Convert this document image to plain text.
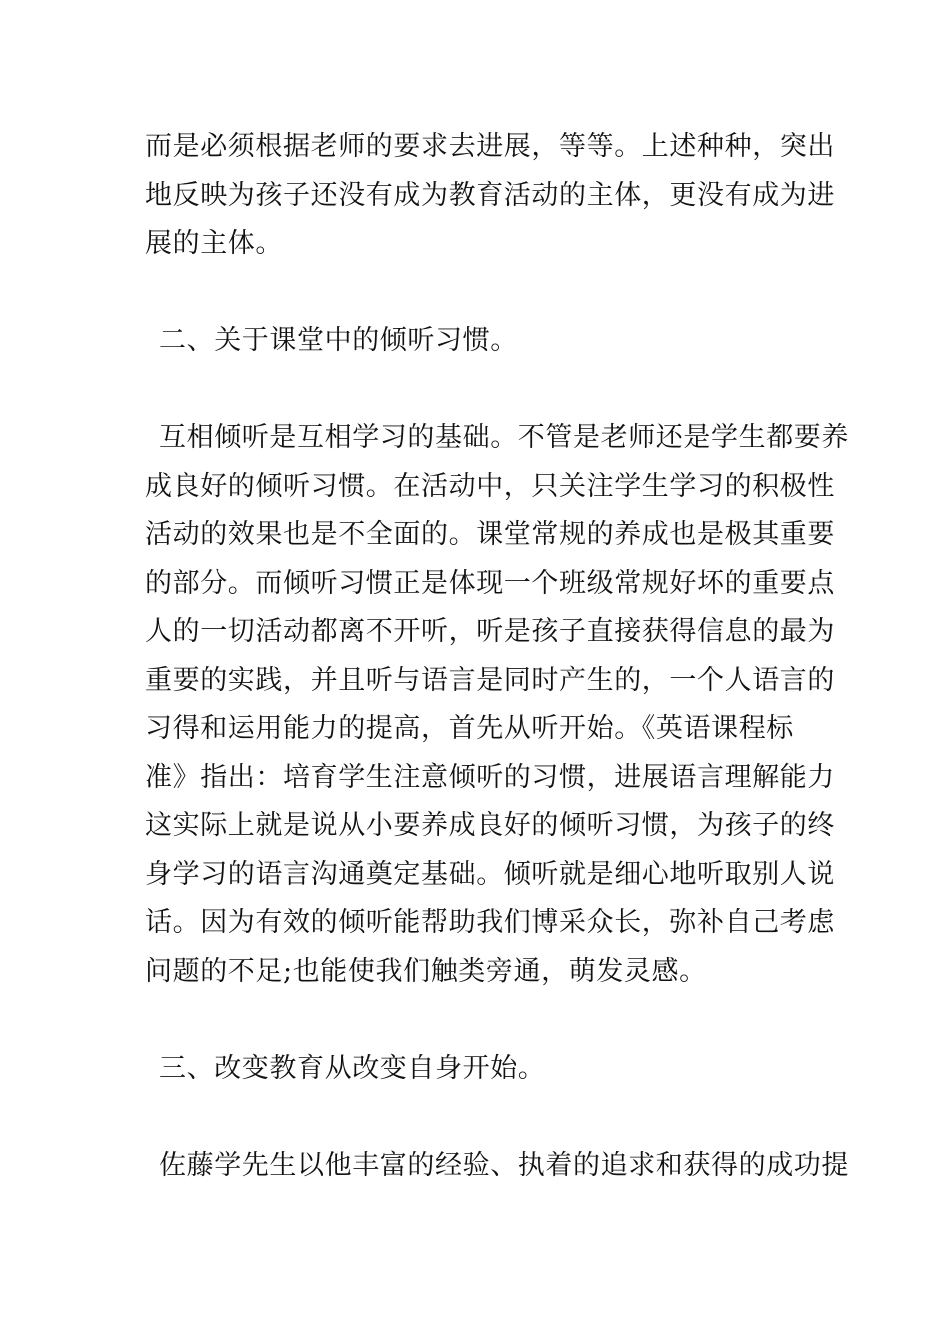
而是必须根据老师的要求去进展，等等。上述种种，突出
地反映为孩子还没有成为教育活动的主体，更没有成为进
展的主体。
二、关于课堂中的倾听习惯。
互相倾听是互相学习的基础。不管是老师还是学生都要养
成良好的倾听习惯。在活动中，只关注学生学习的积极性
活动的效果也是不全面的。课堂常规的养成也是极其重要
的部分。而倾听习惯正是体现一个班级常规好坏的重要点
人的一切活动都离不开听，听是孩子直接获得信息的最为
重要的实践，并且听与语言是同时产生的，一个人语言的
习得和运用能力的提高，首先从听开始。《英语课程标
准》指出：培育学生注意倾听的习惯，进展语言理解能力
这实际上就是说从小要养成良好的倾听习惯，为孩子的终
身学习的语言沟通奠定基础。倾听就是细心地听取别人说
话。因为有效的倾听能帮助我们博采众长，弥补自己考虑
问题的不足;也能使我们触类旁通，萌发灵感。
三、改变教育从改变自身开始。
佐藤学先生以他丰富的经验、执着的追求和获得的成功提
